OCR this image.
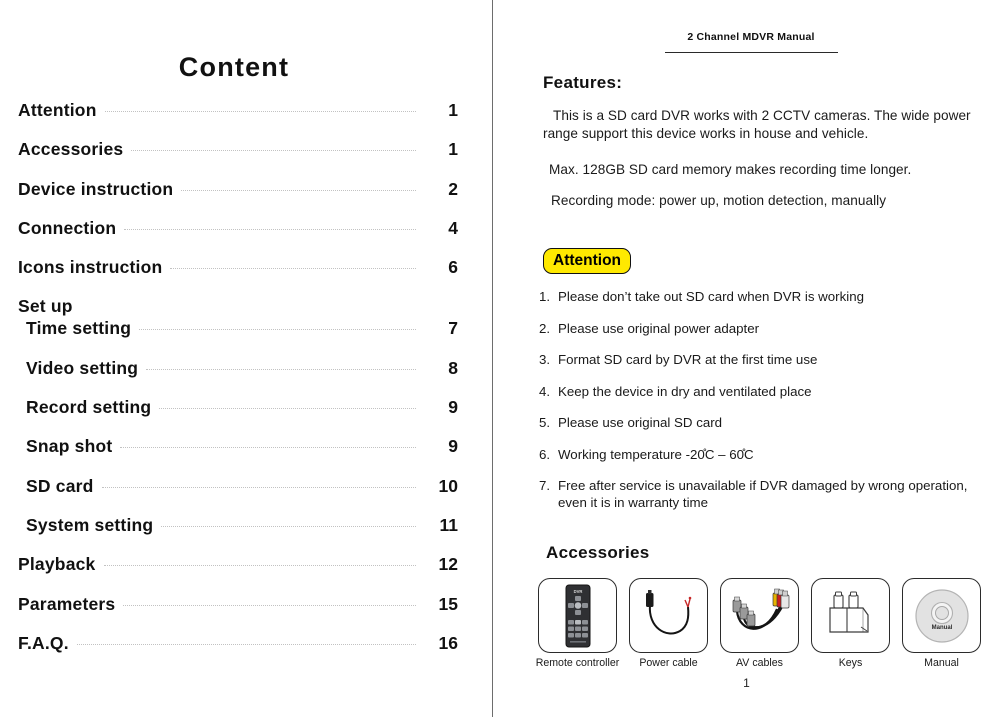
Content
Attention	1
Accessories	1
Device instruction	2
Connection	4
Icons instruction	6
Set up
Time setting	7
Video setting	8
Record setting	9
Snap shot	9
SD card	10
System setting	11
Playback	12
Parameters	15
F.A.Q.	16
2 Channel MDVR Manual
Features:
This is a SD card DVR works with 2 CCTV cameras. The wide power range support this device works in house and vehicle.
Max. 128GB SD card memory makes recording time longer.
Recording mode: power up, motion detection, manually
Attention
1. Please don’t take out SD card when DVR is working
2. Please use original power adapter
3. Format SD card by DVR at the first time use
4. Keep the device in dry and ventilated place
5. Please use original SD card
6. Working temperature -20̊C – 60̊C
7. Free after service is unavailable if DVR damaged by wrong operation, even it is in warranty time
Accessories
DVR
Remote controller Power cable	AV cables	Keys
Manual
Manual
1
